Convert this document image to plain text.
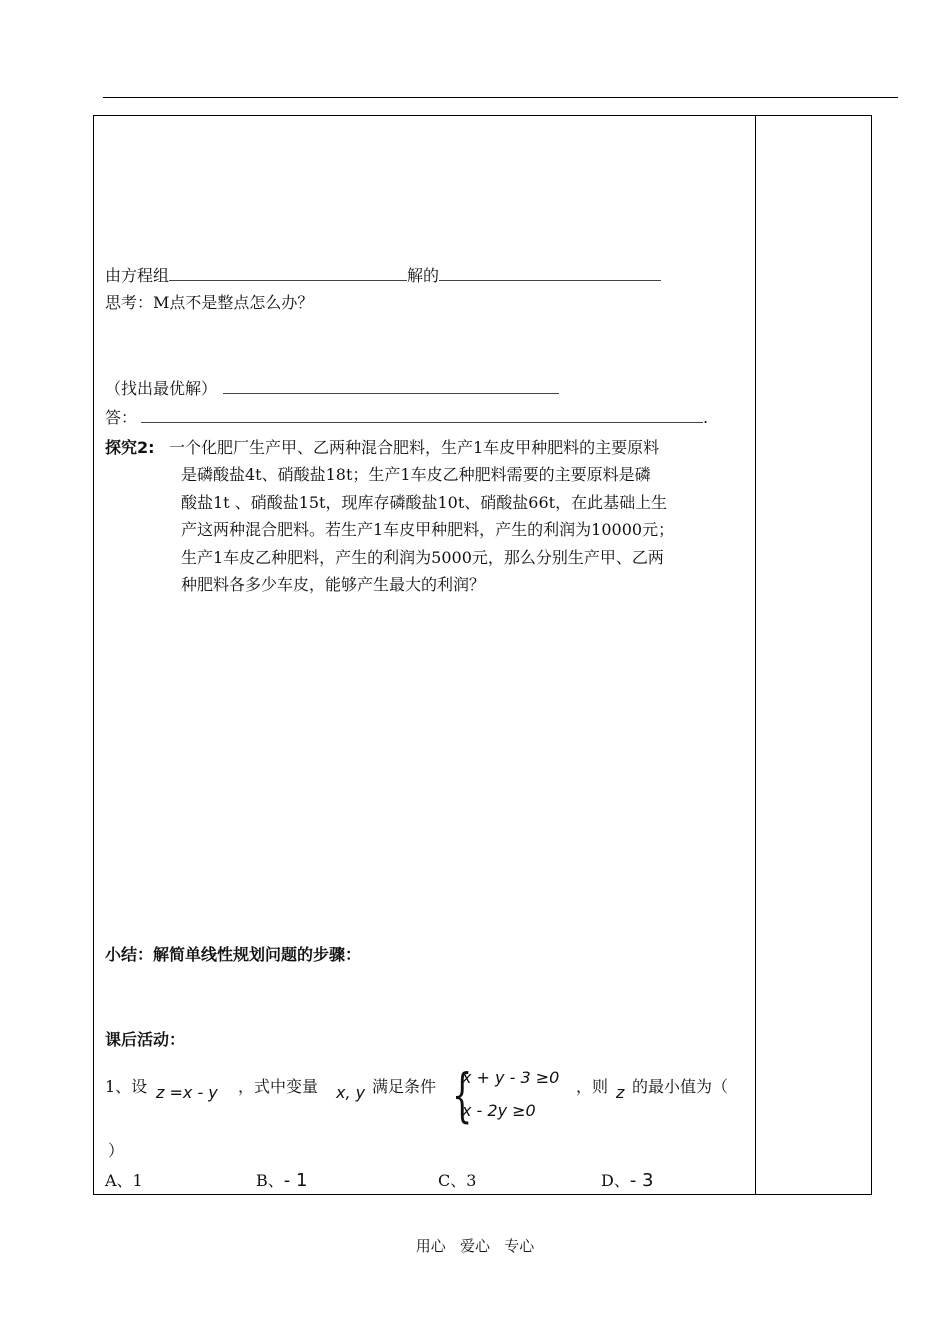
由方程组	解的
思考：M点不是整点怎么办？
（找出最优解）
答：	.
探究2: 一个化肥厂生产甲、乙两种混合肥料，生产1车皮甲种肥料的主要原料
是磷酸盐4t、硝酸盐18t；生产1车皮乙种肥料需要的主要原料是磷
酸盐1t 、硝酸盐15t，现库存磷酸盐10t、硝酸盐66t，在此基础上生
产这两种混合肥料。若生产1车皮甲种肥料，产生的利润为10000元；
生产1车皮乙种肥料，产生的利润为5000元，那么分别生产甲、乙两
种肥料各多少车皮，能够产生最大的利润？
小结：解简单线性规划问题的步骤：
课后活动：
1、设 z =x - y ，式中变量 x, y 满足条件 {
x + y - 3 ≥0
x - 2y ≥0
，则 z 的最小值为（
）
A、1	B、- 1	C、3	D、- 3
用心   爱心   专心
